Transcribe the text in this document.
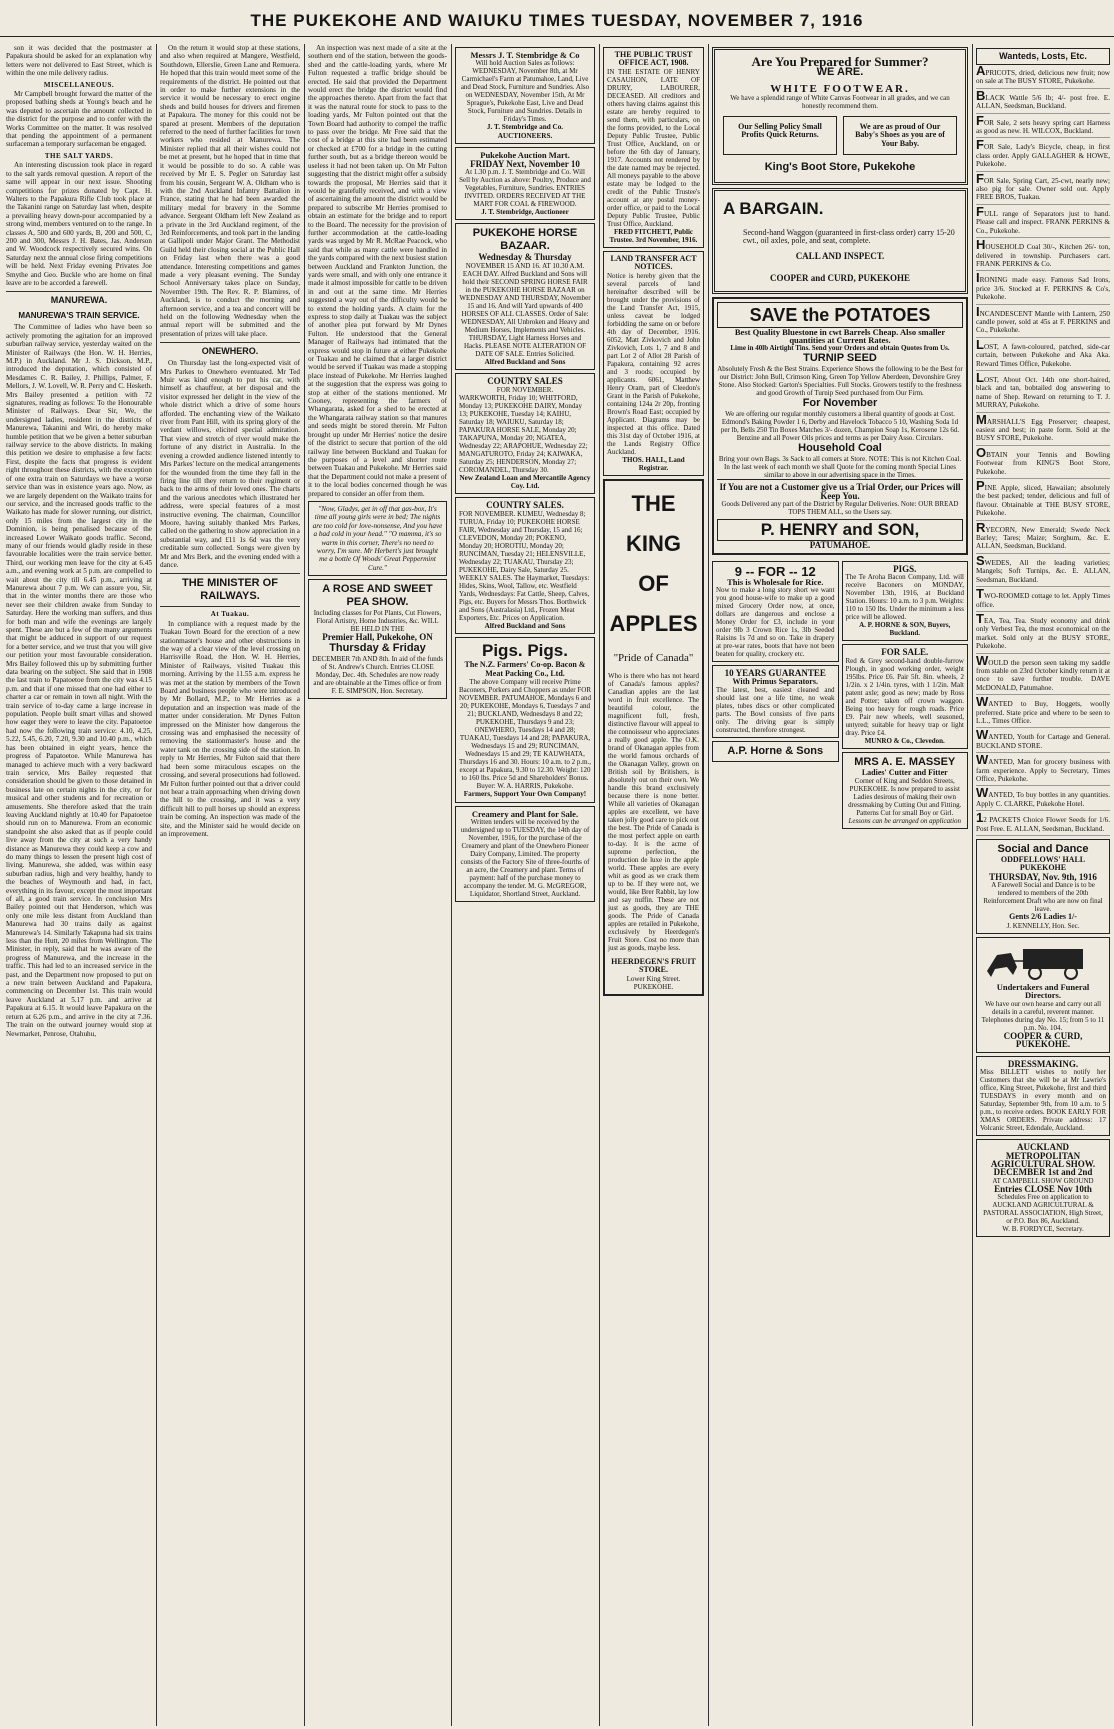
THE PUKEKOHE AND WAIUKU TIMES TUESDAY, NOVEMBER 7, 1916

son it was decided that the postmaster at Papakura should be asked for an explanation why letters were not delivered to East Street, which is within the one mile delivery radius.

MISCELLANEOUS.

Mr Campbell brought forward the matter of the proposed bathing sheds at Young's beach and he was deputed to ascertain the amount collected in the district for the purpose and to confer with the Works Committee on the matter. It was resolved that pending the appointment of a permanent surfaceman a temporary surfaceman be engaged.

THE SALT YARDS.

An interesting discussion took place in regard to the salt yards removal question. A report of the same will appear in our next issue. Shooting competitions for prizes donated by Capt. H. Walters to the Papakura Rifle Club took place at the Takanini range on Saturday last when, despite a prevailing heavy down-pour accompanied by a strong wind, members ventured on to the range. In classes A, 500 and 600 yards, B, 200 and 500, C, 200 and 300, Messrs J. H. Bates, Jas. Anderson and W. Woodcock respectively secured wins. On Saturday next the annual close firing competitions will be held. Next Friday evening Privates Joe Smythe and Geo. Buckle who are home on final leave are to be accorded a farewell.

MANUREWA.
MANUREWA'S TRAIN SERVICE.

The Committee of ladies who have been so actively promoting the agitation for an improved suburban railway service, yesterday waited on the Minister of Railways (the Hon. W. H. Herries, M.P.) in Auckland. Mr J. S. Dickson, M.P., introduced the deputation, which consisted of Mesdames C. R. Bailey, J. Phillips, Palmer, F. Mellors, J. W. Lovell, W. R. Perry and C. Hesketh. Mrs Bailey presented a petition with 72 signatures, reading as follows: To the Honourable Minister of Railways. Dear Sir, We, the undersigned ladies, resident in the districts of Manurewa, Takanini and Wiri, do hereby make humble petition that we be given a better suburban railway service to the above districts. In making this petition we desire to emphasise a few facts: First, despite the facts that progress is evident right throughout these districts, with the exception of one extra train on Saturdays we have a worse service than was in existence years ago. Now, as we are largely dependent on the Waikato trains for our service, and the increased goods traffic to the Waikato has made for slower running, our district, only 15 miles from the largest city in the Dominion, is being penalised because of the increased Lower Waikato goods traffic. Second, many of our friends would gladly reside in these favourable localities were the train service better. Third, our working men leave for the city at 6.45 a.m., and evening work at 5 p.m. are compelled to wait about the city till 6.45 p.m., arriving at Manurewa about 7 p.m. We can assure you, Sir, that in the winter months there are those who never see their children awake from Sunday to Saturday. Here the working man suffers, and thus for both man and wife the evenings are largely spent. These are but a few of the many arguments that might be adduced in support of our request for a better service, and we trust that you will give our petition your most favourable consideration. Mrs Bailey followed this up by submitting further data bearing on the subject. She said that in 1908 the last train to Papatoetoe from the city was 4.15 p.m. and that if one missed that one had either to charter a car or remain in town all night. With the train service of to-day came a large increase in population. People built smart villas and showed how eager they were to leave the city. Papatoetoe had now the following train service: 4.10, 4.25, 5.22, 5.45, 6.20, 7.20, 9.30 and 10.40 p.m., which has been obtained in eight years, hence the progress of Papatoetoe. While Manurewa has managed to achieve much with a very backward train service, Mrs Bailey requested that consideration should be given to those detained in business late on certain nights in the city, or for musical and other students and for recreation or amusements. She therefore asked that the train leaving Auckland nightly at 10.40 for Papatoetoe should run on to Manurewa. From an economic standpoint she also asked that as if people could live away from the city at such a very handy distance as Manurewa they could keep a cow and do many things to lessen the present high cost of living. Manurewa, she added, was within easy suburban radius, high and very healthy, handy to the beaches of Weymouth and had, in fact, everything in its favour, except the most important of all, a good train service. In conclusion Mrs Bailey pointed out that Henderson, which was only one mile less distant from Auckland than Manurewa had 30 trains daily as against Manurewa's 14. Similarly Takapuna had six trains less than the Hutt, 20 miles from Wellington. The Minister, in reply, said that he was aware of the progress of Manurewa, and the increase in the traffic. This had led to an increased service in the past, and the Department now proposed to put on a new train between Auckland and Papakura, commencing on December 1st. This train would leave Auckland at 5.17 p.m. and arrive at Papakura at 6.15. It would leave Papakura on the return at 6.26 p.m., and arrive in the city at 7.36. The train on the outward journey would stop at Newmarket, Penrose, Otahuhu,

On the return it would stop at these stations, and also when required at Mangere, Westfield, Southdown, Ellerslie, Green Lane and Remuera. He hoped that this train would meet some of the requirements of the district. He pointed out that in order to make further extensions in the service it would be necessary to erect engine sheds and build houses for drivers and firemen at Papakura. The money for this could not be spared at present. Members of the deputation referred to the need of further facilities for town workers who resided at Manurewa. The Minister replied that all their wishes could not be met at present, but he hoped that in time that it would be possible to do so. A cable was received by Mr E. S. Pegler on Saturday last from his cousin, Sergeant W. A. Oldham who is with the 2nd Auckland Infantry Battalion in France, stating that he had been awarded the military medal for bravery in the Somme advance. Sergeant Oldham left New Zealand as a private in the 3rd Auckland regiment, of the 3rd Reinforcements, and took part in the landing at Gallipoli under Major Grant. The Methodist Guild held their closing social at the Public Hall on Friday last when there was a good attendance. Interesting competitions and games made a very pleasant evening. The Sunday School Anniversary takes place on Sunday, November 19th. The Rev. R. P. Blamires, of Auckland, is to conduct the morning and afternoon service, and a tea and concert will be held on the following Wednesday when the annual report will be submitted and the presentation of prizes will take place.

ONEWHERO.

On Thursday last the long-expected visit of Mrs Parkes to Onewhero eventuated. Mr Ted Muir was kind enough to put his car, with himself as chauffeur, at her disposal and the visitor expressed her delight in the view of the whole district which a drive of some hours afforded. The enchanting view of the Waikato river from Pant Hill, with its spring glory of the verdant willows, elicited special admiration. That view and stretch of river would make the fortune of any district in Australia. In the evening a crowded audience listened intently to Mrs Parkes' lecture on the medical arrangements for the wounded from the time they fall in the firing line till they return to their regiment or back to the arms of their loved ones. The charts and the various anecdotes which illustrated her address, were special features of a most instructive evening. The chairman, Councillor Moore, having suitably thanked Mrs Parkes, called on the gathering to show appreciation in a substantial way, and £11 1s 6d was the very creditable sum collected. Songs were given by Mr and Mrs Berk, and the evening ended with a dance.

THE MINISTER OF RAILWAYS.
At Tuakau.

In compliance with a request made by the Tuakau Town Board for the erection of a new stationmaster's house and other obstructions in the way of a clear view of the level crossing on Harrisville Road, the Hon. W. H. Herries, Minister of Railways, visited Tuakau this morning. Arriving by the 11.55 a.m. express he was met at the station by members of the Town Board and business people who were introduced by Mr Bollard, M.P., to Mr Herries as a deputation and an inspection was made of the matter under consideration. Mr Dynes Fulton impressed on the Minister how dangerous the crossing was and emphasised the necessity of removing the stationmaster's house and the water tank on the crossing side of the station. In reply to Mr Herries, Mr Fulton said that there had been some miraculous escapes on the crossing, and several prosecutions had followed. Mr Fulton further pointed out that a driver could not hear a train approaching when driving down the hill to the crossing, and it was a very difficult hill to pull horses up should an express train be coming. An inspection was made of the site, and the Minister said he would decide on an improvement.

An inspection was next made of a site at the southern end of the station, between the goods-shed and the cattle-loading yards, where Mr Fulton requested a traffic bridge should be erected. He said that provided the Department would erect the bridge the district would find the approaches thereto. Apart from the fact that it was the natural route for stock to pass to the loading yards, Mr Fulton pointed out that the Town Board had authority to compel the traffic to pass over the bridge. Mr Free said that the cost of a bridge at this site had been estimated or checked at £700 for a bridge in the cutting further south, but as a bridge thereon would be useless it had not been taken up. On Mr Fulton suggesting that the district might offer a subsidy towards the proposal, Mr Herries said that it would be gratefully received, and with a view of ascertaining the amount the district would be prepared to subscribe Mr Herries promised to obtain an estimate for the bridge and to report to the Board. The necessity for the provision of further accommodation at the cattle-loading yards was urged by Mr R. McRae Peacock, who said that while as many cattle were handled in the yards compared with the next busiest station between Auckland and Frankton Junction, the yards were small, and with only one entrance it made it almost impossible for cattle to be driven in and out at the same time. Mr Herries suggested a way out of the difficulty would be to extend the holding yards. A claim for the express to stop daily at Tuakau was the subject of another plea put forward by Mr Dynes Fulton. He understood that the General Manager of Railways had intimated that the express would stop in future at either Pukekohe or Tuakau and he claimed that a larger district would be served if Tuakau was made a stopping place instead of Pukekohe. Mr Herries laughed at the suggestion that the express was going to stop at either of the stations mentioned. Mr Cooney, representing the farmers of Whangarata, asked for a shed to be erected at the Whangarata railway station so that manures and seeds might be stored therein. Mr Fulton brought up under Mr Herries' notice the desire of the district to secure that portion of the old railway line between Buckland and Tuakau for the purposes of a level and shorter route between Tuakau and Pukekohe. Mr Herries said that the Department could not make a present of it to the local bodies concerned though he was prepared to consider an offer from them.

"Now, Gladys, get in off that gas-box, It's time all young girls were in bed; The nights are too cold for love-nonsense, And you have a bad cold in your head." "O mamma, it's so warm in this corner, There's no need to worry, I'm sure. Mr Herbert's just brought me a bottle Of Woods' Great Peppermint Cure."
A ROSE AND SWEET PEA SHOW.
Including classes for Pot Plants, Cut Flowers, Floral Artistry, Home Industries, &c. WILL BE HELD IN THE
Premier Hall, Pukekohe, ON
Thursday & Friday
DECEMBER 7th AND 8th. In aid of the funds of St. Andrew's Church. Entries CLOSE Monday, Dec. 4th. Schedules are now ready and are obtainable at the Times office or from F. E. SIMPSON, Hon. Secretary.
Messrs J. T. Stembridge & Co
Will hold Auction Sales as follows: WEDNESDAY, November 8th, at Mr Carmichael's Farm at Patumahoe, Land, Live and Dead Stock, Furniture and Sundries. Also on WEDNESDAY, November 15th, At Mr Sprague's, Pukekohe East, Live and Dead Stock, Furniture and Sundries. Details in Friday's Times.
J. T. Stembridge and Co. AUCTIONEERS.
Pukekohe Auction Mart.
FRIDAY Next, November 10
At 1.30 p.m. J. T. Stembridge and Co. Will Sell by Auction as above: Poultry, Produce and Vegetables, Furniture, Sundries. ENTRIES INVITED. ORDERS RECEIVED AT THE MART FOR COAL & FIREWOOD.
J. T. Stembridge, Auctioneer
PUKEKOHE HORSE BAZAAR.
Wednesday & Thursday
NOVEMBER 15 AND 16. AT 10.30 A.M. EACH DAY. Alfred Buckland and Sons will hold their SECOND SPRING HORSE FAIR in the PUKEKOHE HORSE BAZAAR on WEDNESDAY AND THURSDAY, November 15 and 16. And will Yard upwards of 400 HORSES OF ALL CLASSES. Order of Sale: WEDNESDAY, All Unbroken and Heavy and Medium Horses, Implements and Vehicles. THURSDAY, Light Harness Horses and Hacks. PLEASE NOTE ALTERATION OF DATE OF SALE. Entries Solicited.
Alfred Buckland and Sons
COUNTRY SALES
FOR NOVEMBER.
WARKWORTH, Friday 10; WHITFORD, Monday 13; PUKEKOHE DAIRY, Monday 13; PUKEKOHE, Tuesday 14; KAIHU, Saturday 18; WAIUKU, Saturday 18; PAPAKURA HORSE SALE, Monday 20; TAKAPUNA, Monday 20; NGATEA, Wednesday 22; ARAPOHUE, Wednesday 22; MANGATUROTO, Friday 24; KAIWAKA, Saturday 25; HENDERSON, Monday 27; COROMANDEL, Thursday 30.
New Zealand Loan and Mercantile Agency Coy. Ltd.
COUNTRY SALES.
FOR NOVEMBER. KUMEU, Wednesday 8; TURUA, Friday 10; PUKEKOHE HORSE FAIR, Wednesday and Thursday, 15 and 16; CLEVEDON, Monday 20; POKENO, Monday 20; HOROTIU, Monday 20; RUNCIMAN, Tuesday 21; HELENSVILLE, Wednesday 22; TUAKAU, Thursday 23; PUKEKOHE, Dairy Sale, Saturday 25. WEEKLY SALES. The Haymarket, Tuesdays: Hides, Skins, Wool, Tallow, etc. Westfield Yards, Wednesdays: Fat Cattle, Sheep, Calves, Pigs, etc. Buyers for Messrs Thos. Borthwick and Sons (Australasia) Ltd., Frozen Meat Exporters, Etc. Prices on Application.
Alfred Buckland and Sons
Pigs. Pigs.
The N.Z. Farmers' Co-op. Bacon & Meat Packing Co., Ltd.
The above Company will receive Prime Baconers, Porkers and Choppers as under FOR NOVEMBER. PATUMAHOE, Mondays 6 and 20; PUKEKOHE, Mondays 6, Tuesdays 7 and 21; BUCKLAND, Wednesdays 8 and 22; PUKEKOHE, Thursdays 9 and 23; ONEWHERO, Tuesdays 14 and 28; TUAKAU, Tuesdays 14 and 28; PAPAKURA, Wednesdays 15 and 29; RUNCIMAN, Wednesdays 15 and 29; TE KAUWHATA, Thursdays 16 and 30. Hours: 10 a.m. to 2 p.m., except at Papakura, 9.30 to 12.30. Weight: 120 to 160 lbs. Price 5d and Shareholders' Bonus. Buyer: W. A. HARRIS, Pukekohe.
Farmers, Support Your Own Company!
Creamery and Plant for Sale.
Written tenders will be received by the undersigned up to TUESDAY, the 14th day of November, 1916, for the purchase of the Creamery and plant of the Onewhero Pioneer Dairy Company, Limited. The property consists of the Factory Site of three-fourths of an acre, the Creamery and plant. Terms of payment: half of the purchase money to accompany the tender. M. G. McGREGOR, Liquidator, Shortland Street, Auckland.
THE PUBLIC TRUST OFFICE ACT, 1908.
IN THE ESTATE OF HENRY CASAUHON, LATE OF DRURY, LABOURER, DECEASED. All creditors and others having claims against this estate are hereby required to send them, with particulars, on the forms provided, to the Local Deputy Public Trustee, Public Trust Office, Auckland, on or before the 6th day of January, 1917. Accounts not rendered by the date named may be rejected. All moneys payable to the above estate may be lodged to the credit of the Public Trustee's account at any postal money-order office, or paid to the Local Deputy Public Trustee, Public Trust Office, Auckland.
FRED FITCHETT, Public Trustee. 3rd November, 1916.
LAND TRANSFER ACT NOTICES.
Notice is hereby given that the several parcels of land hereinafter described will be brought under the provisions of the Land Transfer Act, 1915, unless caveat be lodged forbidding the same on or before 4th day of December, 1916. 6052, Matt Zivkovich and John Zivkovich, Lots 1, 7 and 8 and part Lot 2 of Allot 28 Parish of Papakura, containing 92 acres and 3 roods; occupied by applicants. 6061, Matthew Henry Oram, part of Cleedon's Grant in the Parish of Pukekohe, containing 124a 2r 20p, fronting Brown's Road East; occupied by Applicant. Diagrams may be inspected at this office. Dated this 31st day of October 1916, at the Lands Registry Office Auckland.
THOS. HALL, Land Registrar.
THE
KING
OF
APPLES
"Pride of Canada"
Who is there who has not heard of Canada's famous apples? Canadian apples are the last word in fruit excellence. The beautiful colour, the magnificent full, fresh, distinctive flavour will appeal to the connoisseur who appreciates a really good apple. The O.K. brand of Okanagan apples from the world famous orchards of the Okanagan Valley, grown on British soil by Britishers, is absolutely out on their own. We handle this brand exclusively because there is none better. While all varieties of Okanagan apples are excellent, we have taken jolly good care to pick out the best. The Pride of Canada is the most perfect apple on earth to-day. It is the acme of supreme perfection, the production de luxe in the apple world. These apples are every whit as good as we crack them up to be. If they were not, we would, like Brer Rabbit, lay low and say nuffin. These are not just as goods, they are THE goods. The Pride of Canada apples are retailed in Pukekohe, exclusively by Heerdegen's Fruit Store. Cost no more than just as goods, maybe less.
HEERDEGEN'S FRUIT STORE.
Lower King Street. PUKEKOHE.
Are You Prepared for Summer?
WE ARE.
WHITE FOOTWEAR.
We have a splendid range of White Canvas Footwear in all grades, and we can honestly recommend them.
Our Selling Policy Small Profits Quick Returns.
We are as proud of Our Baby's Shoes as you are of Your Baby.
King's Boot Store, Pukekohe
A BARGAIN.
Second-hand Waggon (guaranteed in first-class order) carry 15-20 cwt., oil axles, pole, and seat, complete.
CALL AND INSPECT.
COOPER and CURD, PUKEKOHE
SAVE the POTATOES
Best Quality Bluestone in cwt Barrels Cheap. Also smaller quantities at Current Rates.
Lime in 40lb Airtight Tins. Send your Orders and obtain Quotes from Us.
TURNIP SEED
Absolutely Fresh & the Best Strains. Experience Shows the following to be the Best for our District: John Bull, Crimson King, Green Top Yellow Aberdeen, Devonshire Grey Stone. Also Stocked: Garton's Specialties. Full Stocks. Growers testify to the freshness and good Growth of Turnip Seed purchased from Our Firm.
For November
We are offering our regular monthly customers a liberal quantity of goods at Cost. Edmond's Baking Powder 1 6, Derby and Havelock Tobacco 5 10, Washing Soda 1d per lb, Bells 250 Tin Boxes Matches 3/- dozen, Champion Soap 1s, Kerosene 12s 6d. Benzine and all Power Oils prices and terms as per Dairy Asso. Circulars.
Household Coal
Bring your own Bags. 3s Sack to all comers at Store. NOTE: This is not Kitchen Coal. In the last week of each month we shall Quote for the coming month Special Lines similar to above in our advertising space in the Times.
If You are not a Customer give us a Trial Order, our Prices will Keep You.
Goods Delivered any part of the District by Regular Deliveries. Note: OUR BREAD TOPS THEM ALL, so the Users say.
P. HENRY and SON,
PATUMAHOE.
9 -- FOR -- 12
This is Wholesale for Rice.
Now to make a long story short we want you good house-wife to make up a good mixed Grocery Order now, at once, dollars are dangerous and enclose a Money Order for £3, include in your order 9lb 3 Crown Rice 1s, 3lb Seeded Raisins 1s 7d and so on. Take in drapery at pre-war rates, boots that have not been beaten for quality, crockery etc.
10 YEARS GUARANTEE
With Primus Separators.
The latest, best, easiest cleaned and should last one a life time, no weak plates, tubes discs or other complicated parts. The Bowl consists of five parts only. The driving gear is simply constructed, therefore strongest.
A.P. Horne & Sons
PIGS.
The Te Aroha Bacon Company, Ltd. will receive Baconers on MONDAY, November 13th, 1916, at Buckland Station. Hours: 10 a.m. to 3 p.m. Weights: 110 to 150 lbs. Under the minimum a less price will be allowed.
A. P. HORNE & SON, Buyers, Buckland.
FOR SALE.
Red & Grey second-hand double-furrow Plough, in good working order, weight 195lbs. Price £6. Pair 5ft. 8in. wheels, 2 1/2in. x 2 1/4in. tyres, with 1 1/2in. Malt patent axle; good as new; made by Ross and Potter; taken off crown waggon. Being too heavy for rough roads. Price £9. Pair new wheels, well seasoned, untyred; suitable for heavy trap or light dray. Price £4.
MUNRO & Co., Clevedon.
MRS A. E. MASSEY
Ladies' Cutter and Fitter
Corner of King and Seddon Streets, PUKEKOHE. Is now prepared to assist Ladies desirous of making their own dressmaking by Cutting Out and Fitting. Patterns Cut for small Boy or Girl.
Lessons can be arranged on application
Wanteds, Losts, Etc.

APRICOTS, dried, delicious new fruit; now on sale at The BUSY STORE, Pukekohe.

BLACK Wattle 5/6 lb; 4/- post free. E. ALLAN, Seedsman, Buckland.

FOR Sale, 2 sets heavy spring cart Harness as good as new. H. WILCOX, Buckland.

FOR Sale, Lady's Bicycle, cheap, in first class order. Apply GALLAGHER & HOWE, Pukekohe.

FOR Sale, Spring Cart, 25-cwt, nearly new; also pig for sale. Owner sold out. Apply FREE BROS, Tuakau.

FULL range of Separators just to hand. Please call and inspect. FRANK PERKINS & Co., Pukekohe.

HOUSEHOLD Coal 30/-, Kitchen 26/- ton, delivered in township. Purchasers cart. FRANK PERKINS & Co.

IRONING made easy. Famous Sad Irons, price 3/6. Stocked at F. PERKINS & Co's, Pukekohe.

INCANDESCENT Mantle with Lantern, 250 candle power, sold at 45s at F. PERKINS and Co., Pukekohe.

LOST, A fawn-coloured, patched, side-car curtain, between Pukekohe and Aka Aka. Reward Times Office, Pukekohe.

LOST, About Oct. 14th one short-haired, black and tan, bobtailed dog answering to name of Shep. Reward on returning to T. J. MURRAY, Pukekohe.

MARSHALL'S Egg Preserver; cheapest, easiest and best; in paste form. Sold at the BUSY STORE, Pukekohe.

OBTAIN your Tennis and Bowling Footwear from KING'S Boot Store, Pukekohe.

PINE Apple, sliced, Hawaiian; absolutely the best packed; tender, delicious and full of flavour. Obtainable at THE BUSY STORE, Pukekohe.

RYECORN, New Emerald; Swede Neck Barley; Tares; Maize; Sorghum, &c. E. ALLAN, Seedsman, Buckland.

SWEDES, All the leading varieties; Mangels; Soft Turnips, &c. E. ALLAN, Seedsman, Buckland.

TWO-ROOMED cottage to let. Apply Times office.

TEA, Tea, Tea. Study economy and drink only Verbest Tea, the most economical on the market. Sold only at the BUSY STORE, Pukekohe.

WOULD the person seen taking my saddle from stable on 23rd October kindly return it at once to save further trouble. DAVE McDONALD, Patumahoe.

WANTED to Buy, Hoggets, woolly preferred. State price and where to be seen to L.L., Times Office.

WANTED, Youth for Cartage and General. BUCKLAND STORE.

WANTED, Man for grocery business with farm experience. Apply to Secretary, Times Office, Pukekohe.

WANTED, To buy bottles in any quantities. Apply C. CLARKE, Pukekohe Hotel.

12 PACKETS Choice Flower Seeds for 1/6. Post Free. E. ALLAN, Seedsman, Buckland.

Social and Dance
ODDFELLOWS' HALL PUKEKOHE
THURSDAY, Nov. 9th, 1916
A Farewell Social and Dance is to be tendered to members of the 20th Reinforcement Draft who are now on final leave.
Gents 2/6 Ladies 1/-
J. KENNELLY, Hon. Sec.
Undertakers and Funeral Directors.
We have our own hearse and carry out all details in a careful, reverent manner. Telephones during day No. 15; from 5 to 11 p.m. No. 104.
COOPER & CURD, PUKEKOHE.
DRESSMAKING.
Miss BILLETT wishes to notify her Customers that she will be at Mr Lawrie's office, King Street, Pukekohe, first and third TUESDAYS in every month and on Saturday, September 9th, from 10 a.m. to 5 p.m., to receive orders. BOOK EARLY FOR XMAS ORDERS. Private address: 17 Volcanic Street, Edendale, Auckland.
AUCKLAND METROPOLITAN AGRICULTURAL SHOW.
DECEMBER 1st and 2nd
AT CAMPBELL SHOW GROUND
Entries CLOSE Nov 10th
Schedules Free on application to AUCKLAND AGRICULTURAL & PASTORAL ASSOCIATION, High Street, or P.O. Box 86, Auckland.
W. B. FORDYCE, Secretary.
